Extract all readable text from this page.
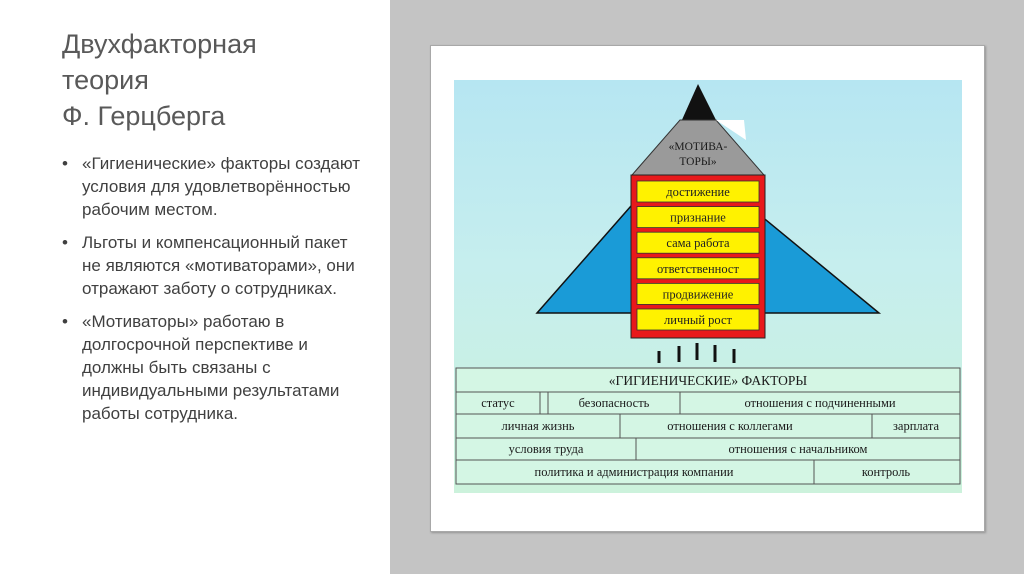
Двухфакторная
теория
Ф. Герцберга
• «Гигиенические» факторы создают условия для удовлетворённостью рабочим местом.
• Льготы и компенсационный пакет не являются «мотиваторами», они отражают заботу о сотрудниках.
• «Мотиваторы» работаю в долгосрочной перспективе и должны быть связаны с индивидуальными результатами работы сотрудника.
«МОТИВА-
ТОРЫ»
достижение
признание
сама работа
ответственност
продвижение
личный рост
«ГИГИЕНИЧЕСКИЕ» ФАКТОРЫ
статус	безопасность	отношения с подчиненными
личная жизнь	отношения с коллегами	зарплата
условия труда	отношения с начальником
политика и администрация компании	контроль
